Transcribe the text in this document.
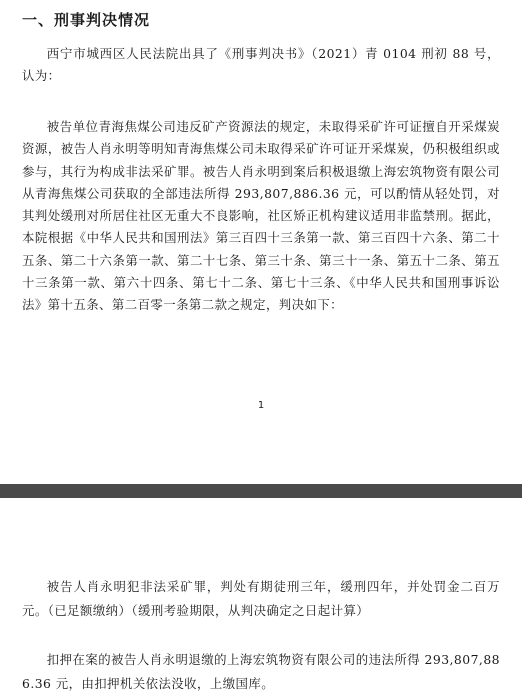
一、刑事判决情况

西宁市城西区人民法院出具了《刑事判决书》（2021）青 0104 刑初 88 号，认为：

被告单位青海焦煤公司违反矿产资源法的规定，未取得采矿许可证擅自开采煤炭资源，被告人肖永明等明知青海焦煤公司未取得采矿许可证开采煤炭，仍积极组织或参与，其行为构成非法采矿罪。被告人肖永明到案后积极退缴上海宏筑物资有限公司从青海焦煤公司获取的全部违法所得 293,807,886.36 元，可以酌情从轻处罚，对其判处缓刑对所居住社区无重大不良影响，社区矫正机构建议适用非监禁刑。据此，本院根据《中华人民共和国刑法》第三百四十三条第一款、第三百四十六条、第二十五条、第二十六条第一款、第二十七条、第三十条、第三十一条、第五十二条、第五十三条第一款、第六十四条、第七十二条、第七十三条、《中华人民共和国刑事诉讼法》第十五条、第二百零一条第二款之规定，判决如下：

1

被告人肖永明犯非法采矿罪，判处有期徒刑三年，缓刑四年，并处罚金二百万元。（已足额缴纳）（缓刑考验期限，从判决确定之日起计算）

扣押在案的被告人肖永明退缴的上海宏筑物资有限公司的违法所得 293,807,886.36 元，由扣押机关依法没收，上缴国库。
